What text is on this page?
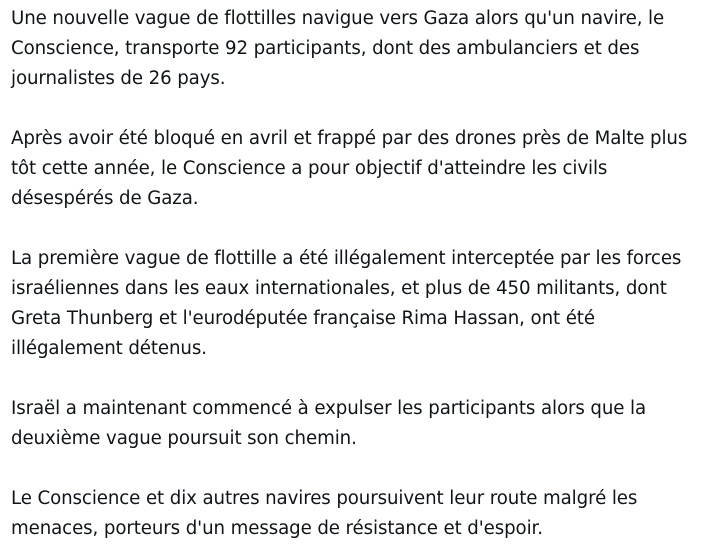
Une nouvelle vague de flottilles navigue vers Gaza alors qu'un navire, le Conscience, transporte 92 participants, dont des ambulanciers et des journalistes de 26 pays.

Après avoir été bloqué en avril et frappé par des drones près de Malte plus tôt cette année, le Conscience a pour objectif d'atteindre les civils désespérés de Gaza.

La première vague de flottille a été illégalement interceptée par les forces israéliennes dans les eaux internationales, et plus de 450 militants, dont Greta Thunberg et l'eurodéputée française Rima Hassan, ont été illégalement détenus.

Israël a maintenant commencé à expulser les participants alors que la deuxième vague poursuit son chemin.

Le Conscience et dix autres navires poursuivent leur route malgré les menaces, porteurs d'un message de résistance et d'espoir.
